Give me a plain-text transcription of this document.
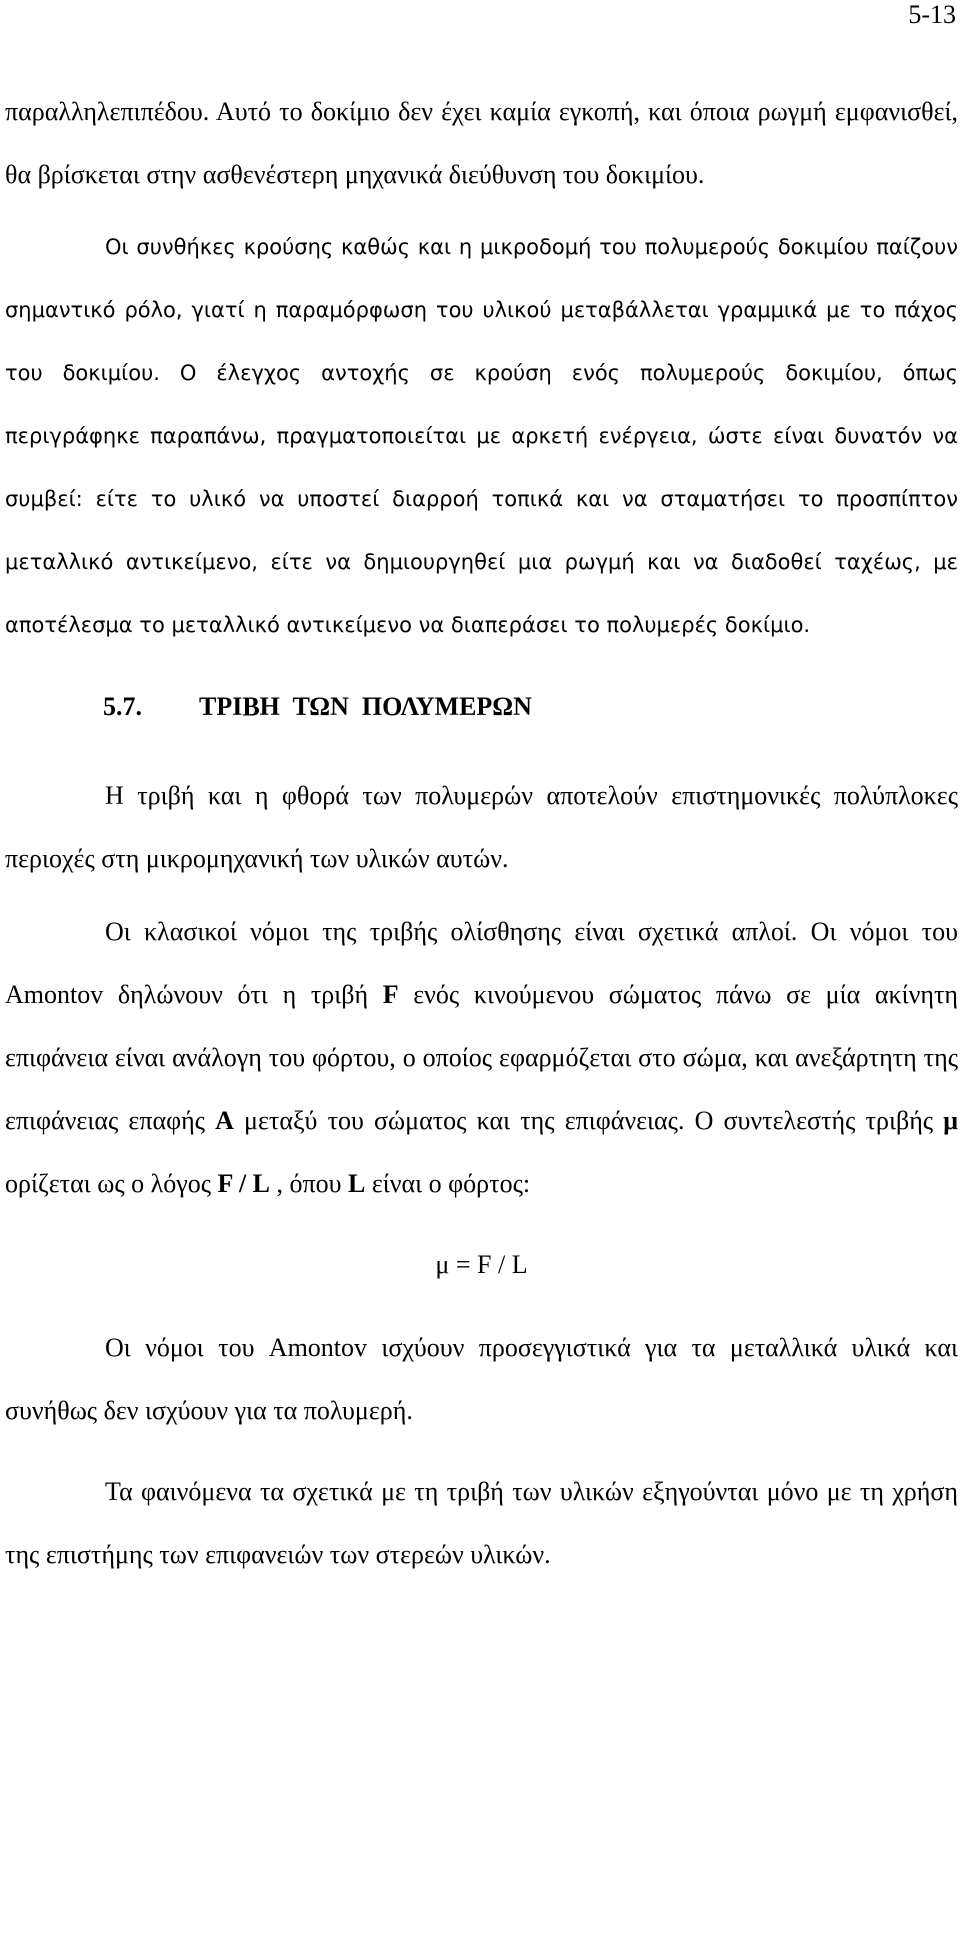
5-13

παραλληλεπιπέδου. Αυτό το δοκίμιο δεν έχει καμία εγκοπή, και όποια ρωγμή εμφανισθεί, θα βρίσκεται στην ασθενέστερη μηχανικά διεύθυνση του δοκιμίου.

Οι συνθήκες κρούσης καθώς και η μικροδομή του πολυμερούς δοκιμίου παίζουν σημαντικό ρόλο, γιατί η παραμόρφωση του υλικού μεταβάλλεται γραμμικά με το πάχος του δοκιμίου. Ο έλεγχος αντοχής σε κρούση ενός πολυμερούς δοκιμίου, όπως περιγράφηκε παραπάνω, πραγματοποιείται με αρκετή ενέργεια, ώστε είναι δυνατόν να συμβεί: είτε το υλικό να υποστεί διαρροή τοπικά και να σταματήσει το προσπίπτον μεταλλικό αντικείμενο, είτε να δημιουργηθεί μια ρωγμή και να διαδοθεί ταχέως, με αποτέλεσμα το μεταλλικό αντικείμενο να διαπεράσει το πολυμερές δοκίμιο.

5.7. ΤΡΙΒΗ  ΤΩΝ  ΠΟΛΥΜΕΡΩΝ

Η τριβή και η φθορά των πολυμερών αποτελούν επιστημονικές πολύπλοκες περιοχές στη μικρομηχανική των υλικών αυτών.

Οι κλασικοί νόμοι της τριβής ολίσθησης είναι σχετικά απλοί. Οι νόμοι του Amontov δηλώνουν ότι η τριβή F ενός κινούμενου σώματος πάνω σε μία ακίνητη επιφάνεια είναι ανάλογη του φόρτου, ο οποίος εφαρμόζεται στο σώμα, και ανεξάρτητη της επιφάνειας επαφής Α μεταξύ του σώματος και της επιφάνειας. Ο συντελεστής τριβής μ ορίζεται ως ο λόγος F / L , όπου L είναι ο φόρτος:

μ = F / L

Οι νόμοι του Amontov ισχύουν προσεγγιστικά για τα μεταλλικά υλικά και συνήθως δεν ισχύουν για τα πολυμερή.

Τα φαινόμενα τα σχετικά με τη τριβή των υλικών εξηγούνται μόνο με τη χρήση της επιστήμης των επιφανειών των στερεών υλικών.
